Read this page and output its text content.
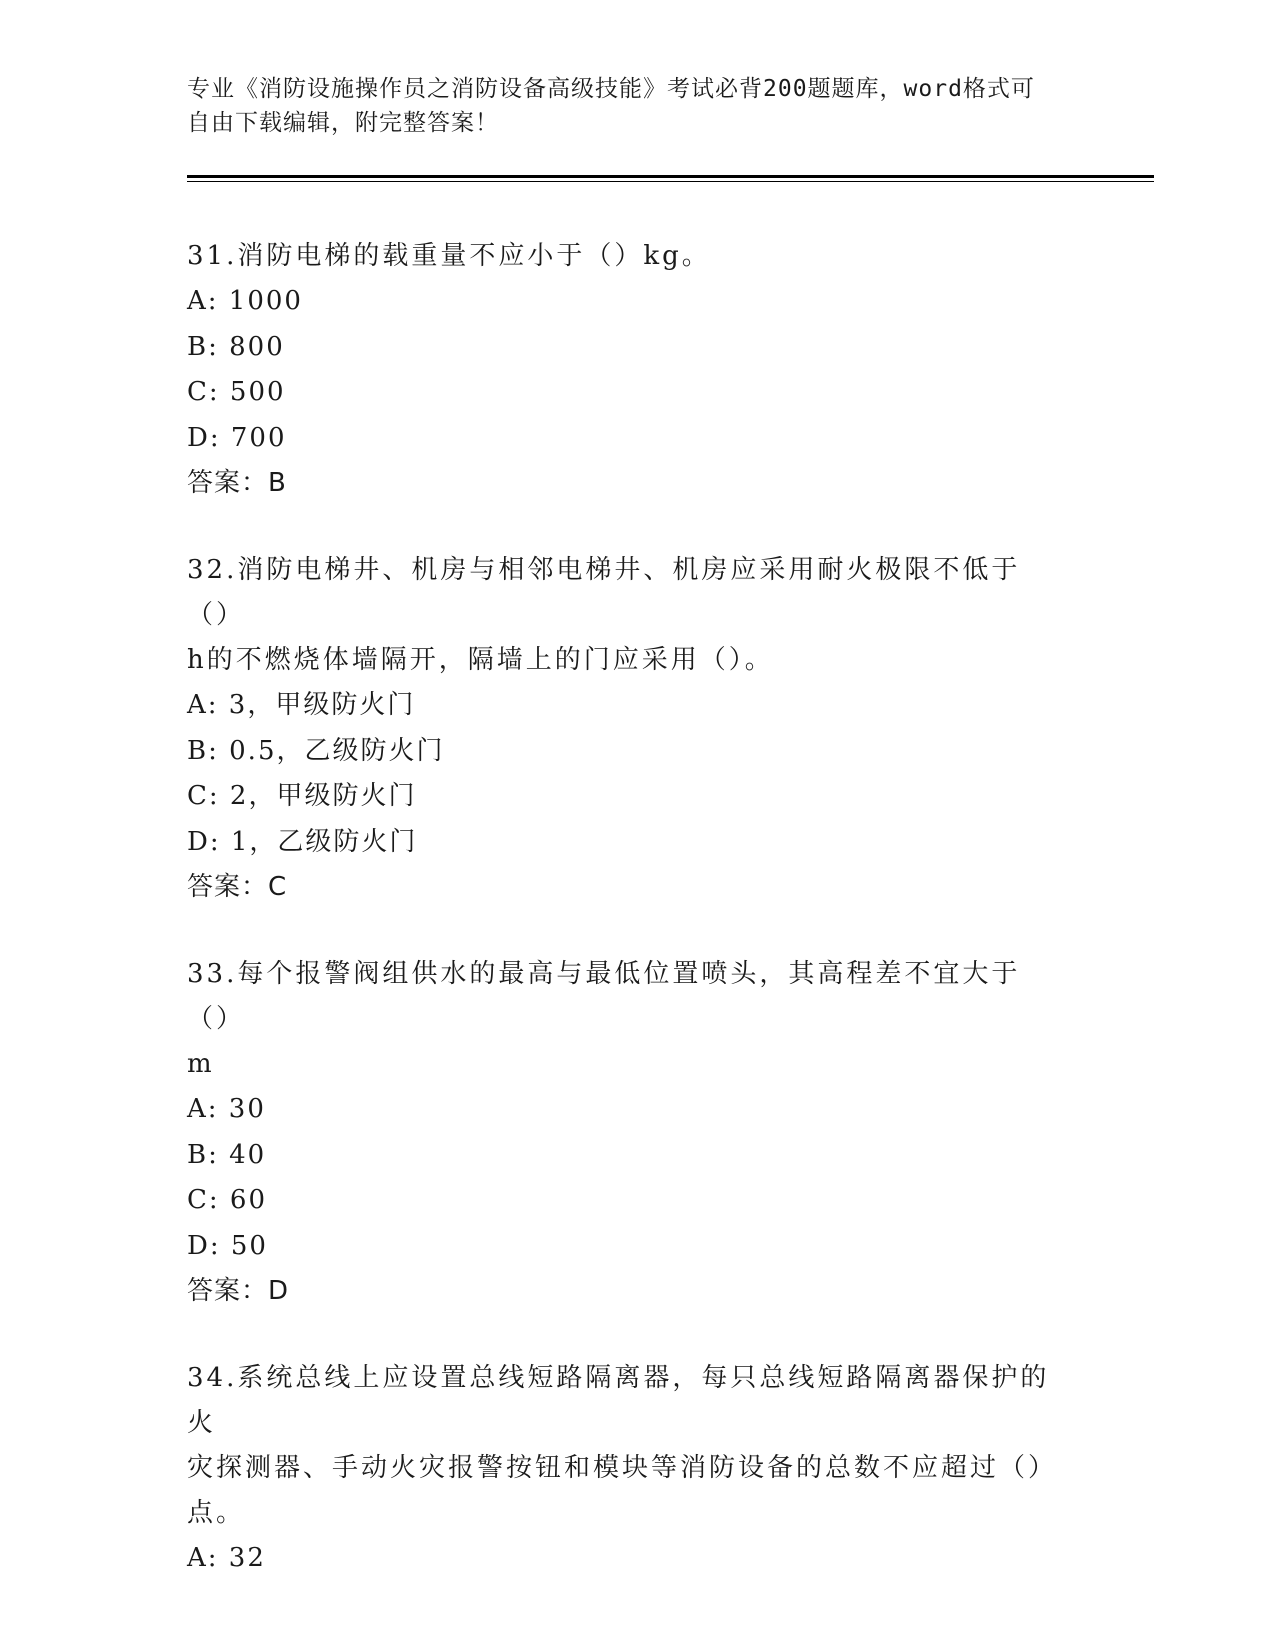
专业《消防设施操作员之消防设备高级技能》考试必背200题题库，word格式可
自由下载编辑，附完整答案！
31.消防电梯的载重量不应小于（）kg。
A: 1000
B: 800
C: 500
D: 700
答案：B
32.消防电梯井、机房与相邻电梯井、机房应采用耐火极限不低于（）
h的不燃烧体墙隔开，隔墙上的门应采用（）。
A: 3，甲级防火门
B: 0.5，乙级防火门
C: 2，甲级防火门
D: 1，乙级防火门
答案：C
33.每个报警阀组供水的最高与最低位置喷头，其高程差不宜大于（）
m
A: 30
B: 40
C: 60
D: 50
答案：D
34.系统总线上应设置总线短路隔离器，每只总线短路隔离器保护的火
灾探测器、手动火灾报警按钮和模块等消防设备的总数不应超过（）
点。
A: 32
